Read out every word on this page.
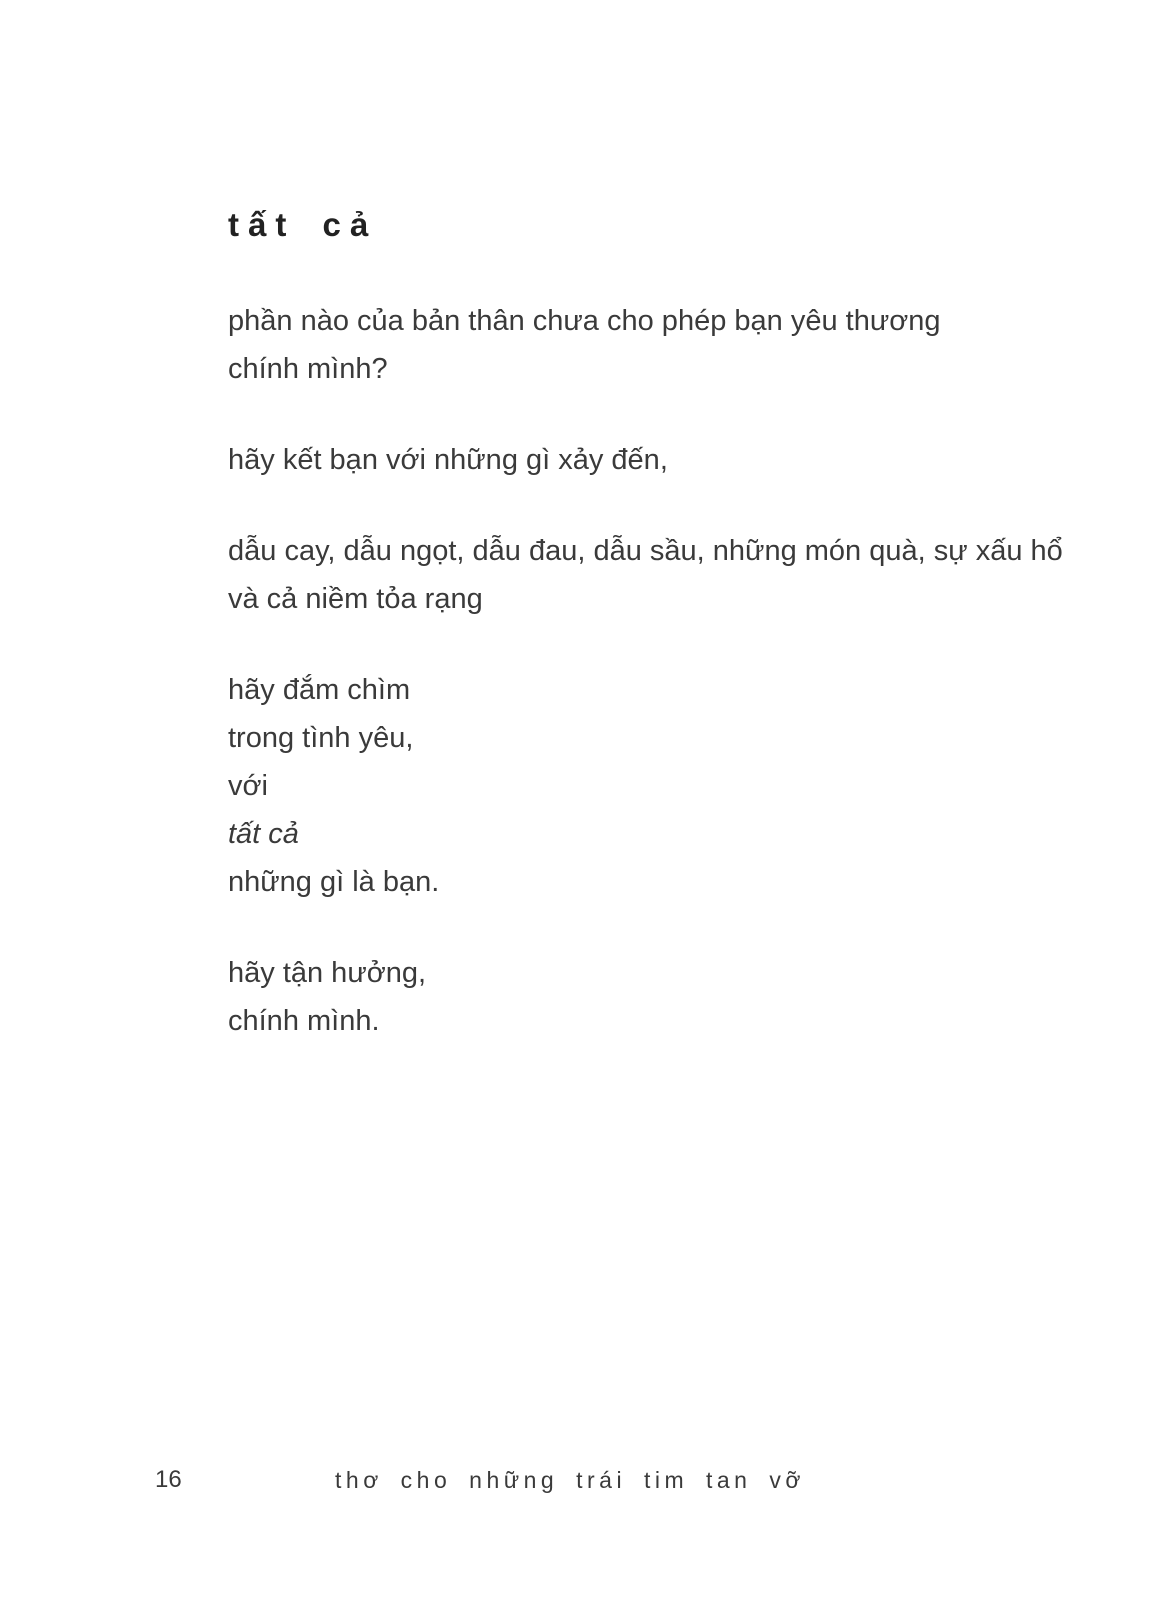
tất cả

phần nào của bản thân chưa cho phép bạn yêu thương

chính mình?

hãy kết bạn với những gì xảy đến,

dẫu cay, dẫu ngọt, dẫu đau, dẫu sầu, những món quà, sự xấu hổ

và cả niềm tỏa rạng

hãy đắm chìm

trong tình yêu,

với

tất cả

những gì là bạn.

hãy tận hưởng,

chính mình.

16	thơ cho những trái tim tan vỡ
